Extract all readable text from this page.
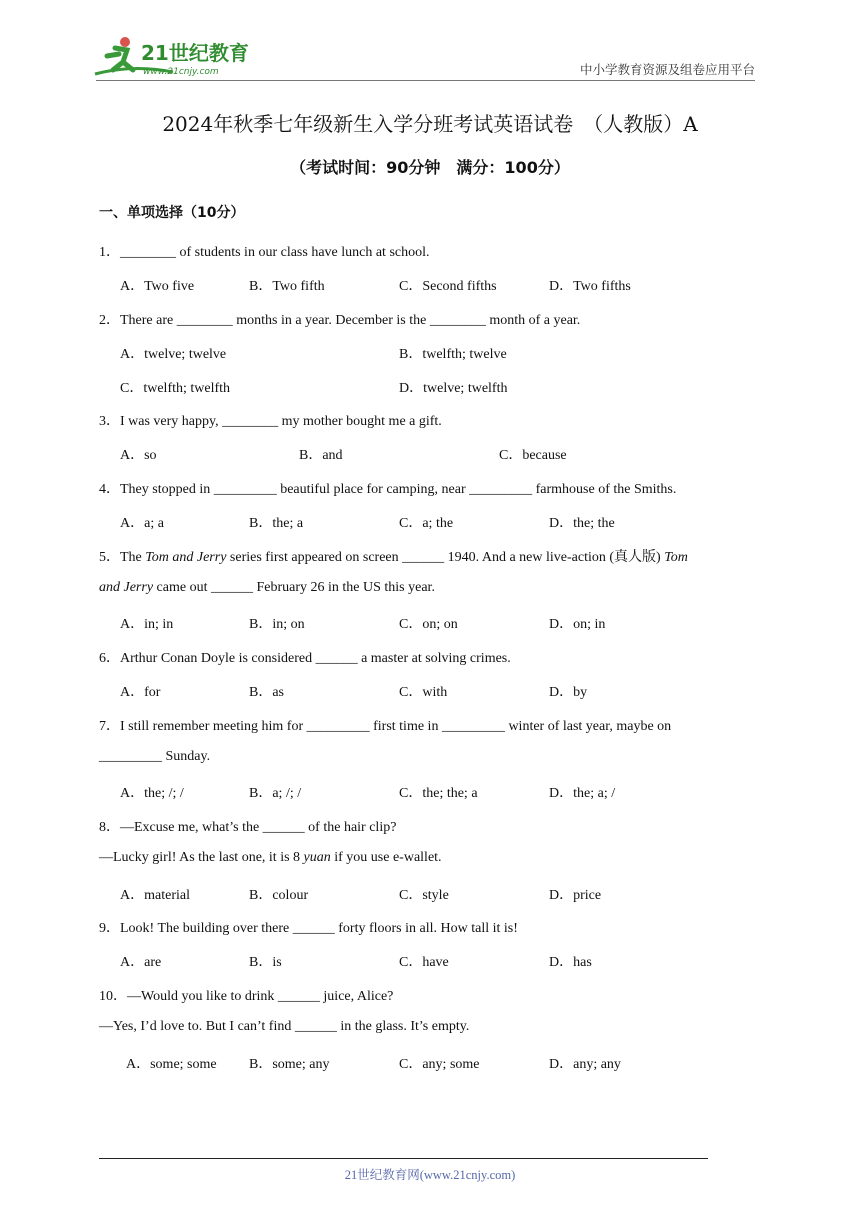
21世纪教育
www.21cnjy.com	中小学教育资源及组卷应用平台
2024年秋季七年级新生入学分班考试英语试卷　（人教版）A
（考试时间：90分钟　满分：100分）
一、单项选择（10分）
1．________ of students in our class have lunch at school.
A．Two five	B．Two fifth	C．Second fifths	D．Two fifths
2．There are ________ months in a year. December is the ________ month of a year.
A．twelve; twelve	B．twelfth; twelve
C．twelfth; twelfth	D．twelve; twelfth
3．I was very happy, ________ my mother bought me a gift.
A．so	B．and	C．because
4．They stopped in _________ beautiful place for camping, near _________ farmhouse of the Smiths.
A．a; a	B．the; a	C．a; the	D．the; the
5．The Tom and Jerry series first appeared on screen ______ 1940. And a new live-action (真人版) Tom
and Jerry came out ______ February 26 in the US this year.
A．in; in	B．in; on	C．on; on	D．on; in
6．Arthur Conan Doyle is considered ______ a master at solving crimes.
A．for	B．as	C．with	D．by
7．I still remember meeting him for _________ first time in _________ winter of last year, maybe on
_________ Sunday.
A．the; /; /	B．a; /; /	C．the; the; a	D．the; a; /
8．—Excuse me, what’s the ______ of the hair clip?
—Lucky girl! As the last one, it is 8 yuan if you use e-wallet.
A．material	B．colour	C．style	D．price
9．Look! The building over there ______ forty floors in all. How tall it is!
A．are	B．is	C．have	D．has
10．—Would you like to drink ______ juice, Alice?
—Yes, I’d love to. But I can’t find ______ in the glass. It’s empty.
A．some; some B．some; any	C．any; some	D．any; any
21世纪教育网(www.21cnjy.com)
